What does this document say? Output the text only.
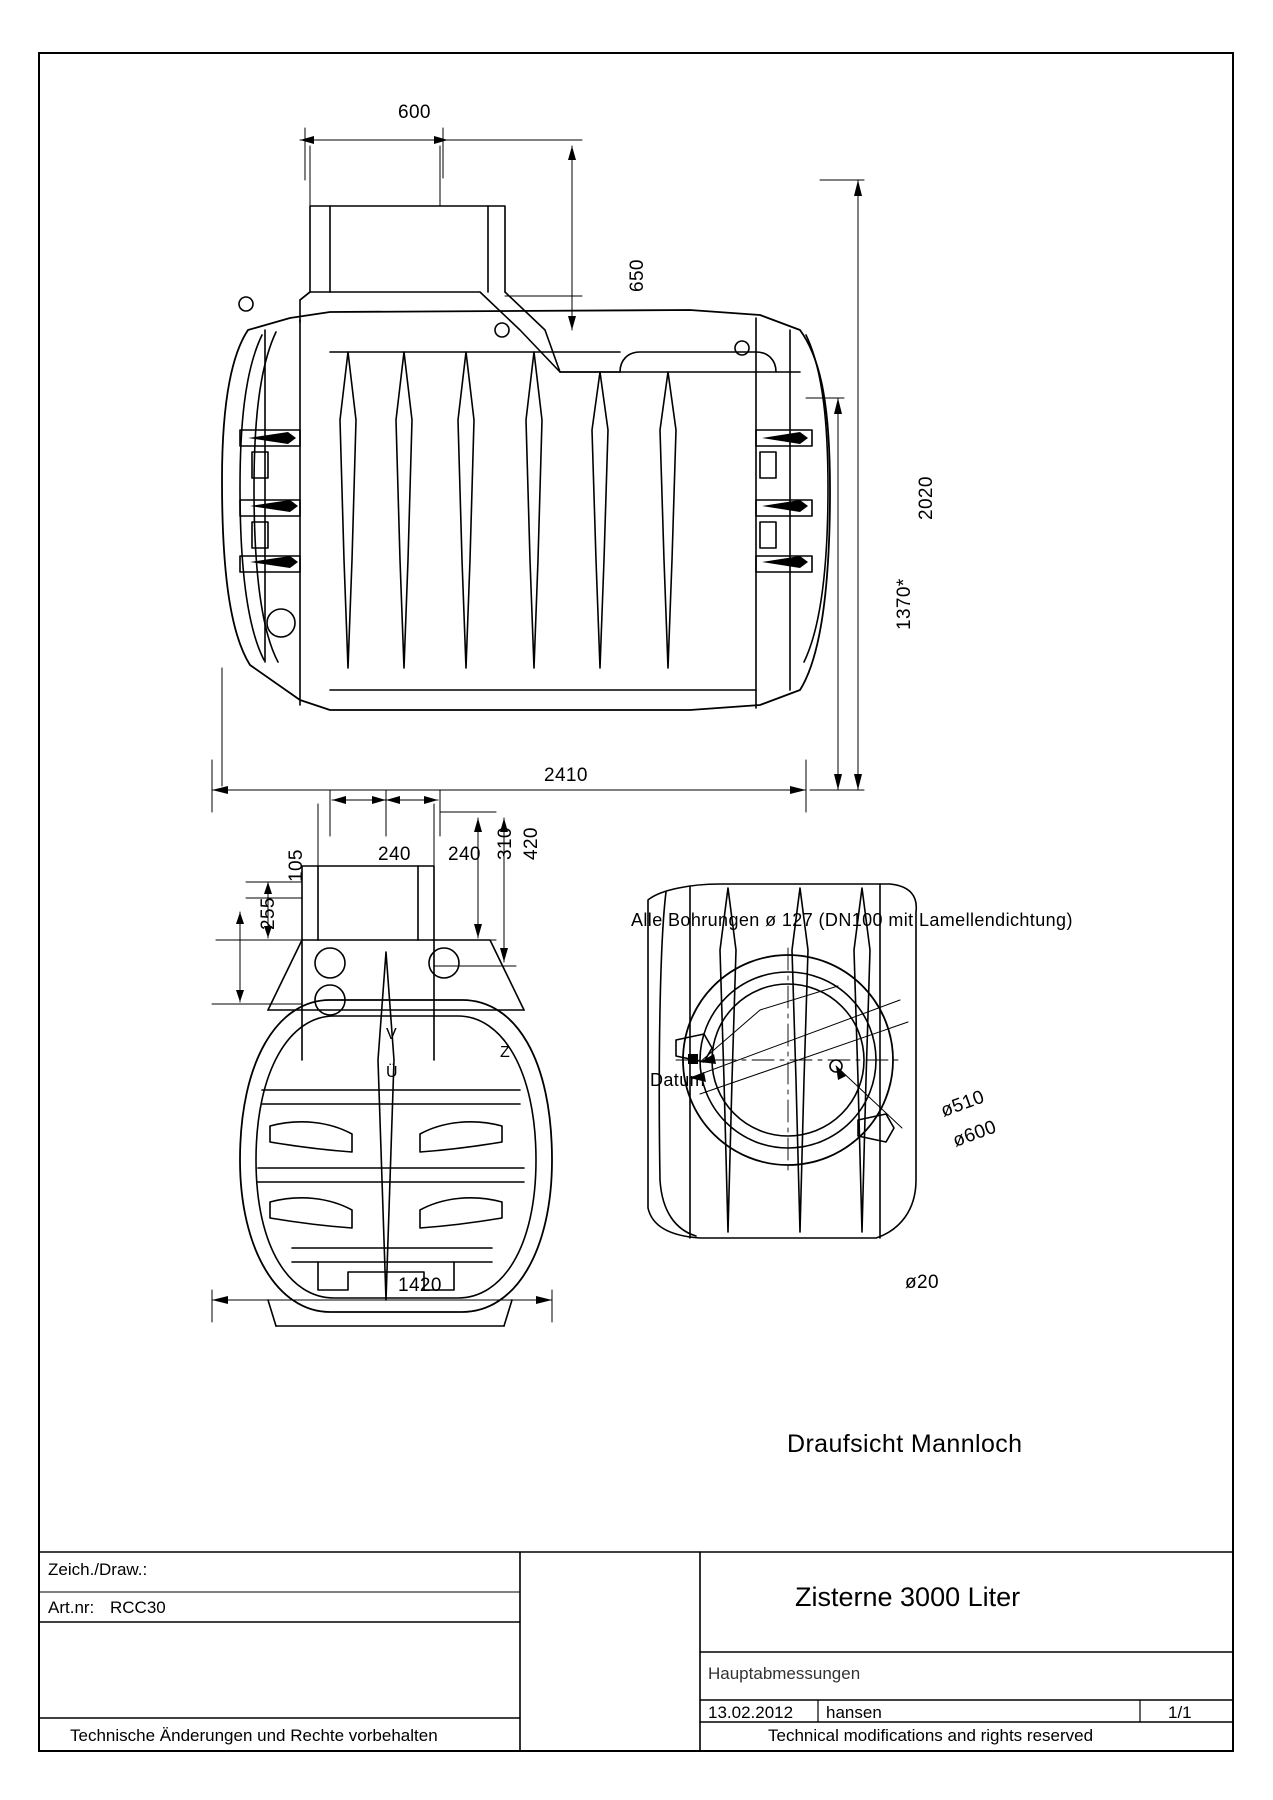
600
650
2020
1370*
2410
240 240
105
255
310 420
1420
V
Ü
Z
Alle Bohrungen ø 127 (DN100 mit Lamellendichtung)
Datum
ø510
ø600
ø20
Draufsicht Mannloch
Zeich./Draw.:
Art.nr: RCC30
Technische Änderungen und Rechte vorbehalten
Zisterne 3000 Liter
Hauptabmessungen
13.02.2012 hansen	1/1
Technical modifications and rights reserved
